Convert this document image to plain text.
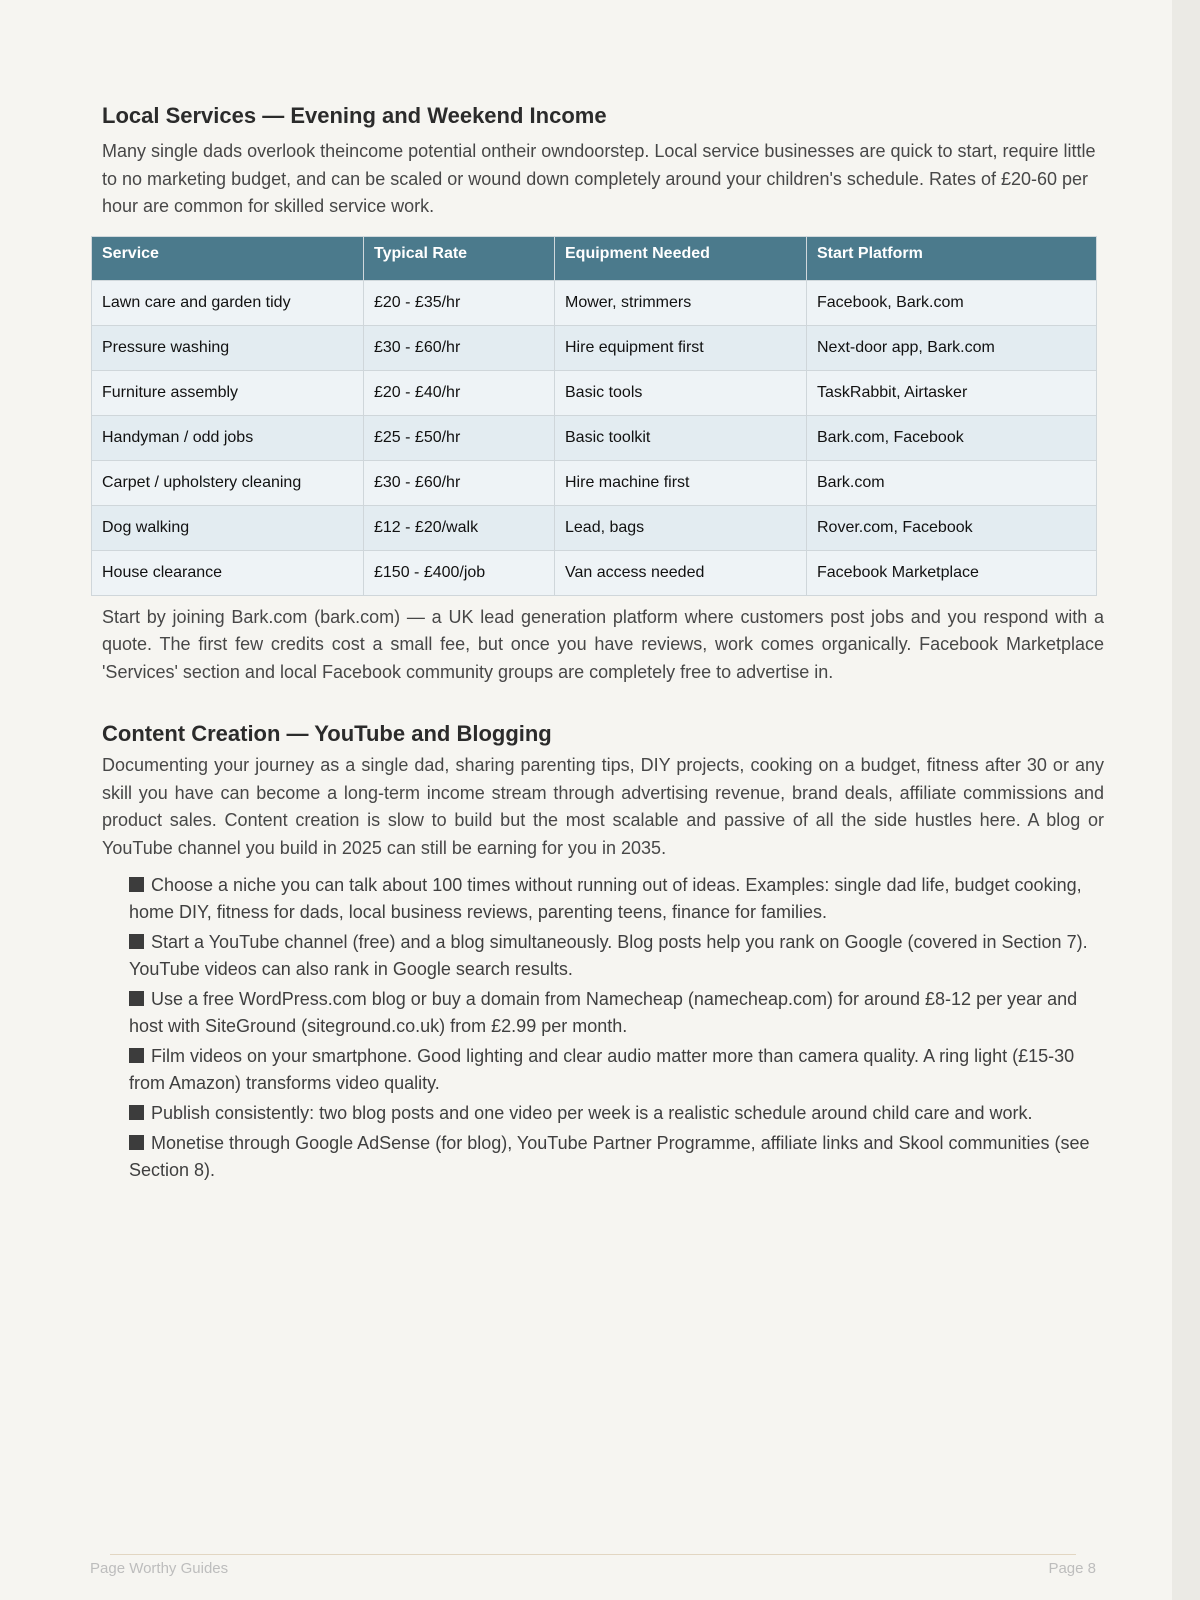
Local Services — Evening and Weekend Income

Many single dads overlook theincome potential ontheir owndoorstep. Local service businesses are quick to start, require little to no marketing budget, and can be scaled or wound down completely around your children's schedule. Rates of £20-60 per hour are common for skilled service work.

Service	Typical Rate	Equipment Needed	Start Platform
Lawn care and garden tidy	£20 - £35/hr	Mower, strimmers	Facebook, Bark.com
Pressure washing	£30 - £60/hr	Hire equipment first	Next-door app, Bark.com
Furniture assembly	£20 - £40/hr	Basic tools	TaskRabbit, Airtasker
Handyman / odd jobs	£25 - £50/hr	Basic toolkit	Bark.com, Facebook
Carpet / upholstery cleaning	£30 - £60/hr	Hire machine first	Bark.com
Dog walking	£12 - £20/walk	Lead, bags	Rover.com, Facebook
House clearance	£150 - £400/job	Van access needed	Facebook Marketplace

Start by joining Bark.com (bark.com) — a UK lead generation platform where customers post jobs and you respond with a quote. The first few credits cost a small fee, but once you have reviews, work comes organically. Facebook Marketplace 'Services' section and local Facebook community groups are completely free to advertise in.

Content Creation — YouTube and Blogging

Documenting your journey as a single dad, sharing parenting tips, DIY projects, cooking on a budget, fitness after 30 or any skill you have can become a long-term income stream through advertising revenue, brand deals, affiliate commissions and product sales. Content creation is slow to build but the most scalable and passive of all the side hustles here. A blog or YouTube channel you build in 2025 can still be earning for you in 2035.

Choose a niche you can talk about 100 times without running out of ideas. Examples: single dad life, budget cooking, home DIY, fitness for dads, local business reviews, parenting teens, finance for families.
Start a YouTube channel (free) and a blog simultaneously. Blog posts help you rank on Google (covered in Section 7). YouTube videos can also rank in Google search results.
Use a free WordPress.com blog or buy a domain from Namecheap (namecheap.com) for around £8-12 per year and host with SiteGround (siteground.co.uk) from £2.99 per month.
Film videos on your smartphone. Good lighting and clear audio matter more than camera quality. A ring light (£15-30 from Amazon) transforms video quality.
Publish consistently: two blog posts and one video per week is a realistic schedule around child care and work.
Monetise through Google AdSense (for blog), YouTube Partner Programme, affiliate links and Skool communities (see Section 8).
Page Worthy Guides	Page 8
